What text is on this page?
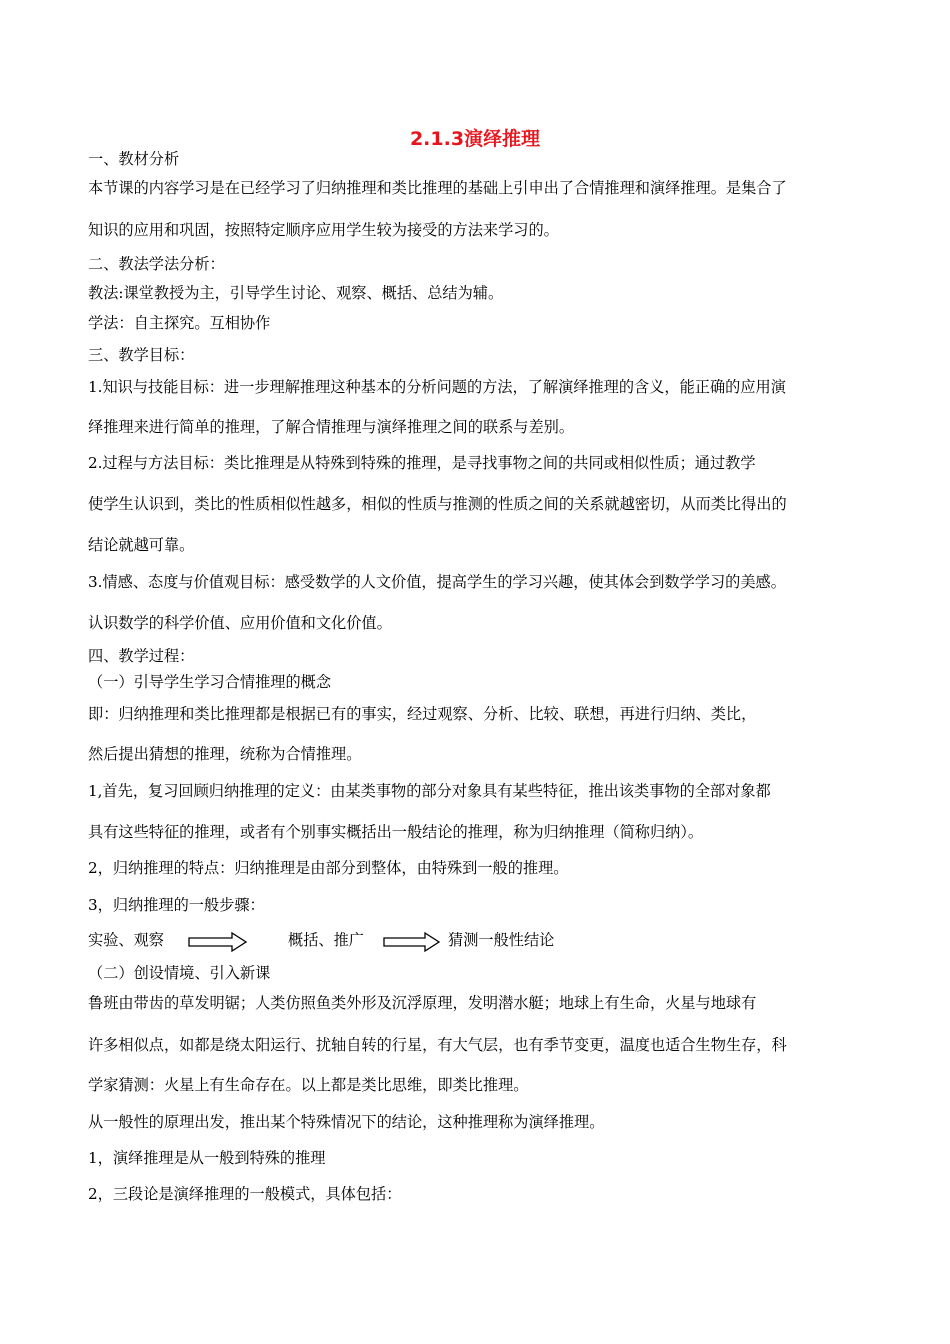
2.1.3演绎推理
一、教材分析
本节课的内容学习是在已经学习了归纳推理和类比推理的基础上引申出了合情推理和演绎推理。是集合了
知识的应用和巩固，按照特定顺序应用学生较为接受的方法来学习的。
二、教法学法分析：
教法:课堂教授为主，引导学生讨论、观察、概括、总结为辅。
学法：自主探究。互相协作
三、教学目标：
1.知识与技能目标：进一步理解推理这种基本的分析问题的方法，了解演绎推理的含义，能正确的应用演
绎推理来进行简单的推理，了解合情推理与演绎推理之间的联系与差别。
2.过程与方法目标：类比推理是从特殊到特殊的推理，是寻找事物之间的共同或相似性质；通过教学
使学生认识到，类比的性质相似性越多，相似的性质与推测的性质之间的关系就越密切，从而类比得出的
结论就越可靠。
3.情感、态度与价值观目标：感受数学的人文价值，提高学生的学习兴趣，使其体会到数学学习的美感。
认识数学的科学价值、应用价值和文化价值。
四、教学过程：
（一）引导学生学习合情推理的概念
即：归纳推理和类比推理都是根据已有的事实，经过观察、分析、比较、联想，再进行归纳、类比，
然后提出猜想的推理，统称为合情推理。
1,首先，复习回顾归纳推理的定义：由某类事物的部分对象具有某些特征，推出该类事物的全部对象都
具有这些特征的推理，或者有个别事实概括出一般结论的推理，称为归纳推理（简称归纳）。
2，归纳推理的特点：归纳推理是由部分到整体，由特殊到一般的推理。
3，归纳推理的一般步骤：
实验、观察	概括、推广	猜测一般性结论
（二）创设情境、引入新课
鲁班由带齿的草发明锯；人类仿照鱼类外形及沉浮原理，发明潜水艇；地球上有生命，火星与地球有
许多相似点，如都是绕太阳运行、扰轴自转的行星，有大气层，也有季节变更，温度也适合生物生存，科
学家猜测：火星上有生命存在。以上都是类比思维，即类比推理。
从一般性的原理出发，推出某个特殊情况下的结论，这种推理称为演绎推理。
1，演绎推理是从一般到特殊的推理
2，三段论是演绎推理的一般模式，具体包括：
